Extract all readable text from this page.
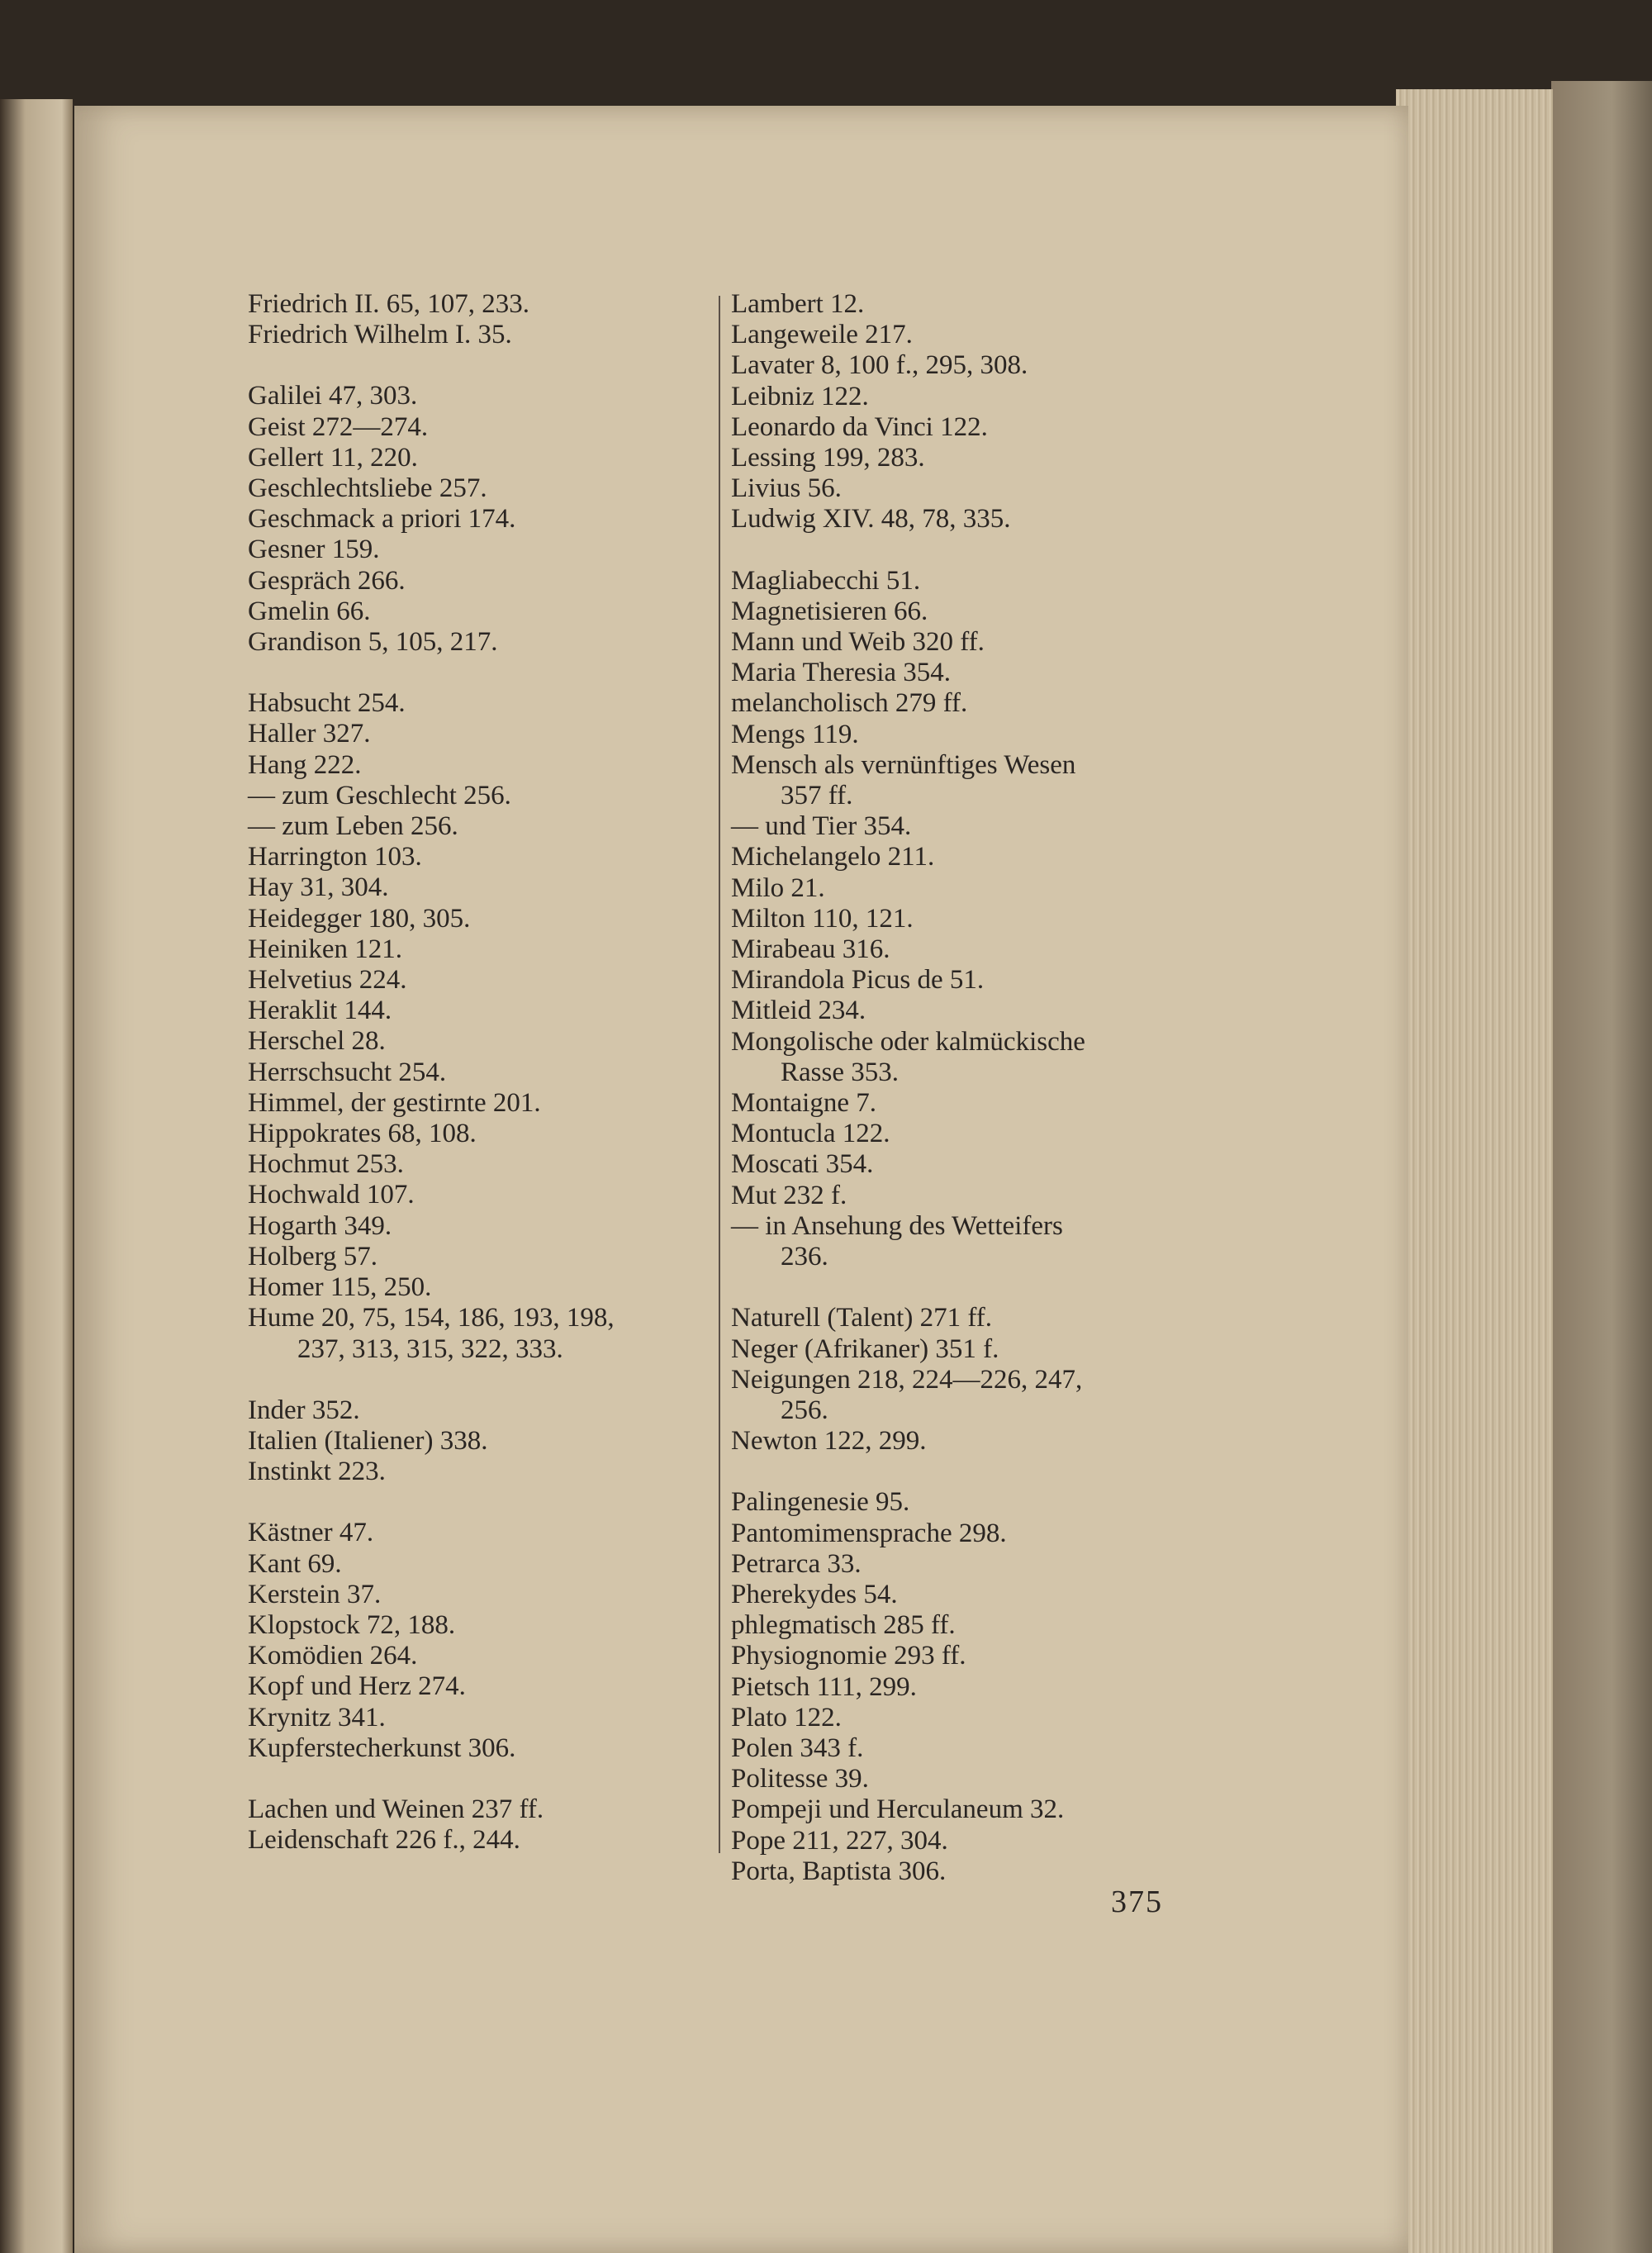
Friedrich II. 65, 107, 233.
Friedrich Wilhelm I. 35.
Galilei 47, 303.
Geist 272—274.
Gellert 11, 220.
Geschlechtsliebe 257.
Geschmack a priori 174.
Gesner 159.
Gespräch 266.
Gmelin 66.
Grandison 5, 105, 217.
Habsucht 254.
Haller 327.
Hang 222.
— zum Geschlecht 256.
— zum Leben 256.
Harrington 103.
Hay 31, 304.
Heidegger 180, 305.
Heiniken 121.
Helvetius 224.
Heraklit 144.
Herschel 28.
Herrschsucht 254.
Himmel, der gestirnte 201.
Hippokrates 68, 108.
Hochmut 253.
Hochwald 107.
Hogarth 349.
Holberg 57.
Homer 115, 250.
Hume 20, 75, 154, 186, 193, 198,
237, 313, 315, 322, 333.
Inder 352.
Italien (Italiener) 338.
Instinkt 223.
Kästner 47.
Kant 69.
Kerstein 37.
Klopstock 72, 188.
Komödien 264.
Kopf und Herz 274.
Krynitz 341.
Kupferstecherkunst 306.
Lachen und Weinen 237 ff.
Leidenschaft 226 f., 244.
Lambert 12.
Langeweile 217.
Lavater 8, 100 f., 295, 308.
Leibniz 122.
Leonardo da Vinci 122.
Lessing 199, 283.
Livius 56.
Ludwig XIV. 48, 78, 335.
Magliabecchi 51.
Magnetisieren 66.
Mann und Weib 320 ff.
Maria Theresia 354.
melancholisch 279 ff.
Mengs 119.
Mensch als vernünftiges Wesen
357 ff.
— und Tier 354.
Michelangelo 211.
Milo 21.
Milton 110, 121.
Mirabeau 316.
Mirandola Picus de 51.
Mitleid 234.
Mongolische oder kalmückische
Rasse 353.
Montaigne 7.
Montucla 122.
Moscati 354.
Mut 232 f.
— in Ansehung des Wetteifers
236.
Naturell (Talent) 271 ff.
Neger (Afrikaner) 351 f.
Neigungen 218, 224—226, 247,
256.
Newton 122, 299.
Palingenesie 95.
Pantomimensprache 298.
Petrarca 33.
Pherekydes 54.
phlegmatisch 285 ff.
Physiognomie 293 ff.
Pietsch 111, 299.
Plato 122.
Polen 343 f.
Politesse 39.
Pompeji und Herculaneum 32.
Pope 211, 227, 304.
Porta, Baptista 306.
375
